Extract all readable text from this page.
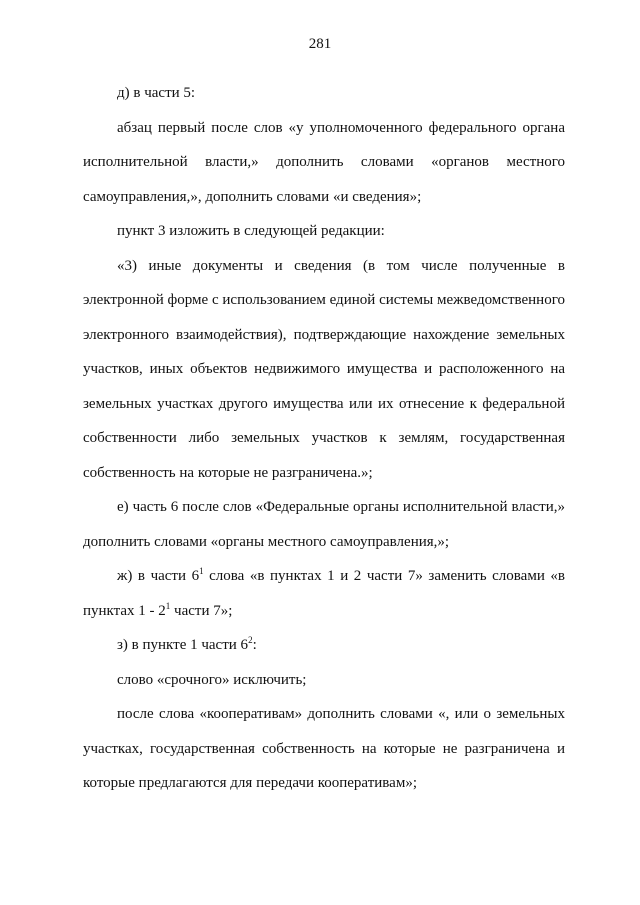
281

д) в части 5:

абзац первый после слов «у уполномоченного федерального органа
исполнительной власти,» дополнить словами «органов местного
самоуправления,», дополнить словами «и сведения»;

пункт 3 изложить в следующей редакции:

«3) иные документы и сведения (в том числе полученные в
электронной форме с использованием единой системы межведомственного
электронного взаимодействия), подтверждающие нахождение земельных
участков, иных объектов недвижимого имущества и расположенного на
земельных участках другого имущества или их отнесение к федеральной
собственности либо земельных участков к землям, государственная
собственность на которые не разграничена.»;

е) часть 6 после слов «Федеральные органы исполнительной власти,»
дополнить словами «органы местного самоуправления,»;

ж) в части $6^1$ слова «в пунктах 1 и 2 части 7» заменить словами «в
пунктах $1 - 2^1$ части 7»;

з) в пункте 1 части $6^2$:

слово «срочного» исключить;

после слова «кооперативам» дополнить словами «, или о земельных
участках, государственная собственность на которые не разграничена и
которые предлагаются для передачи кооперативам»;
